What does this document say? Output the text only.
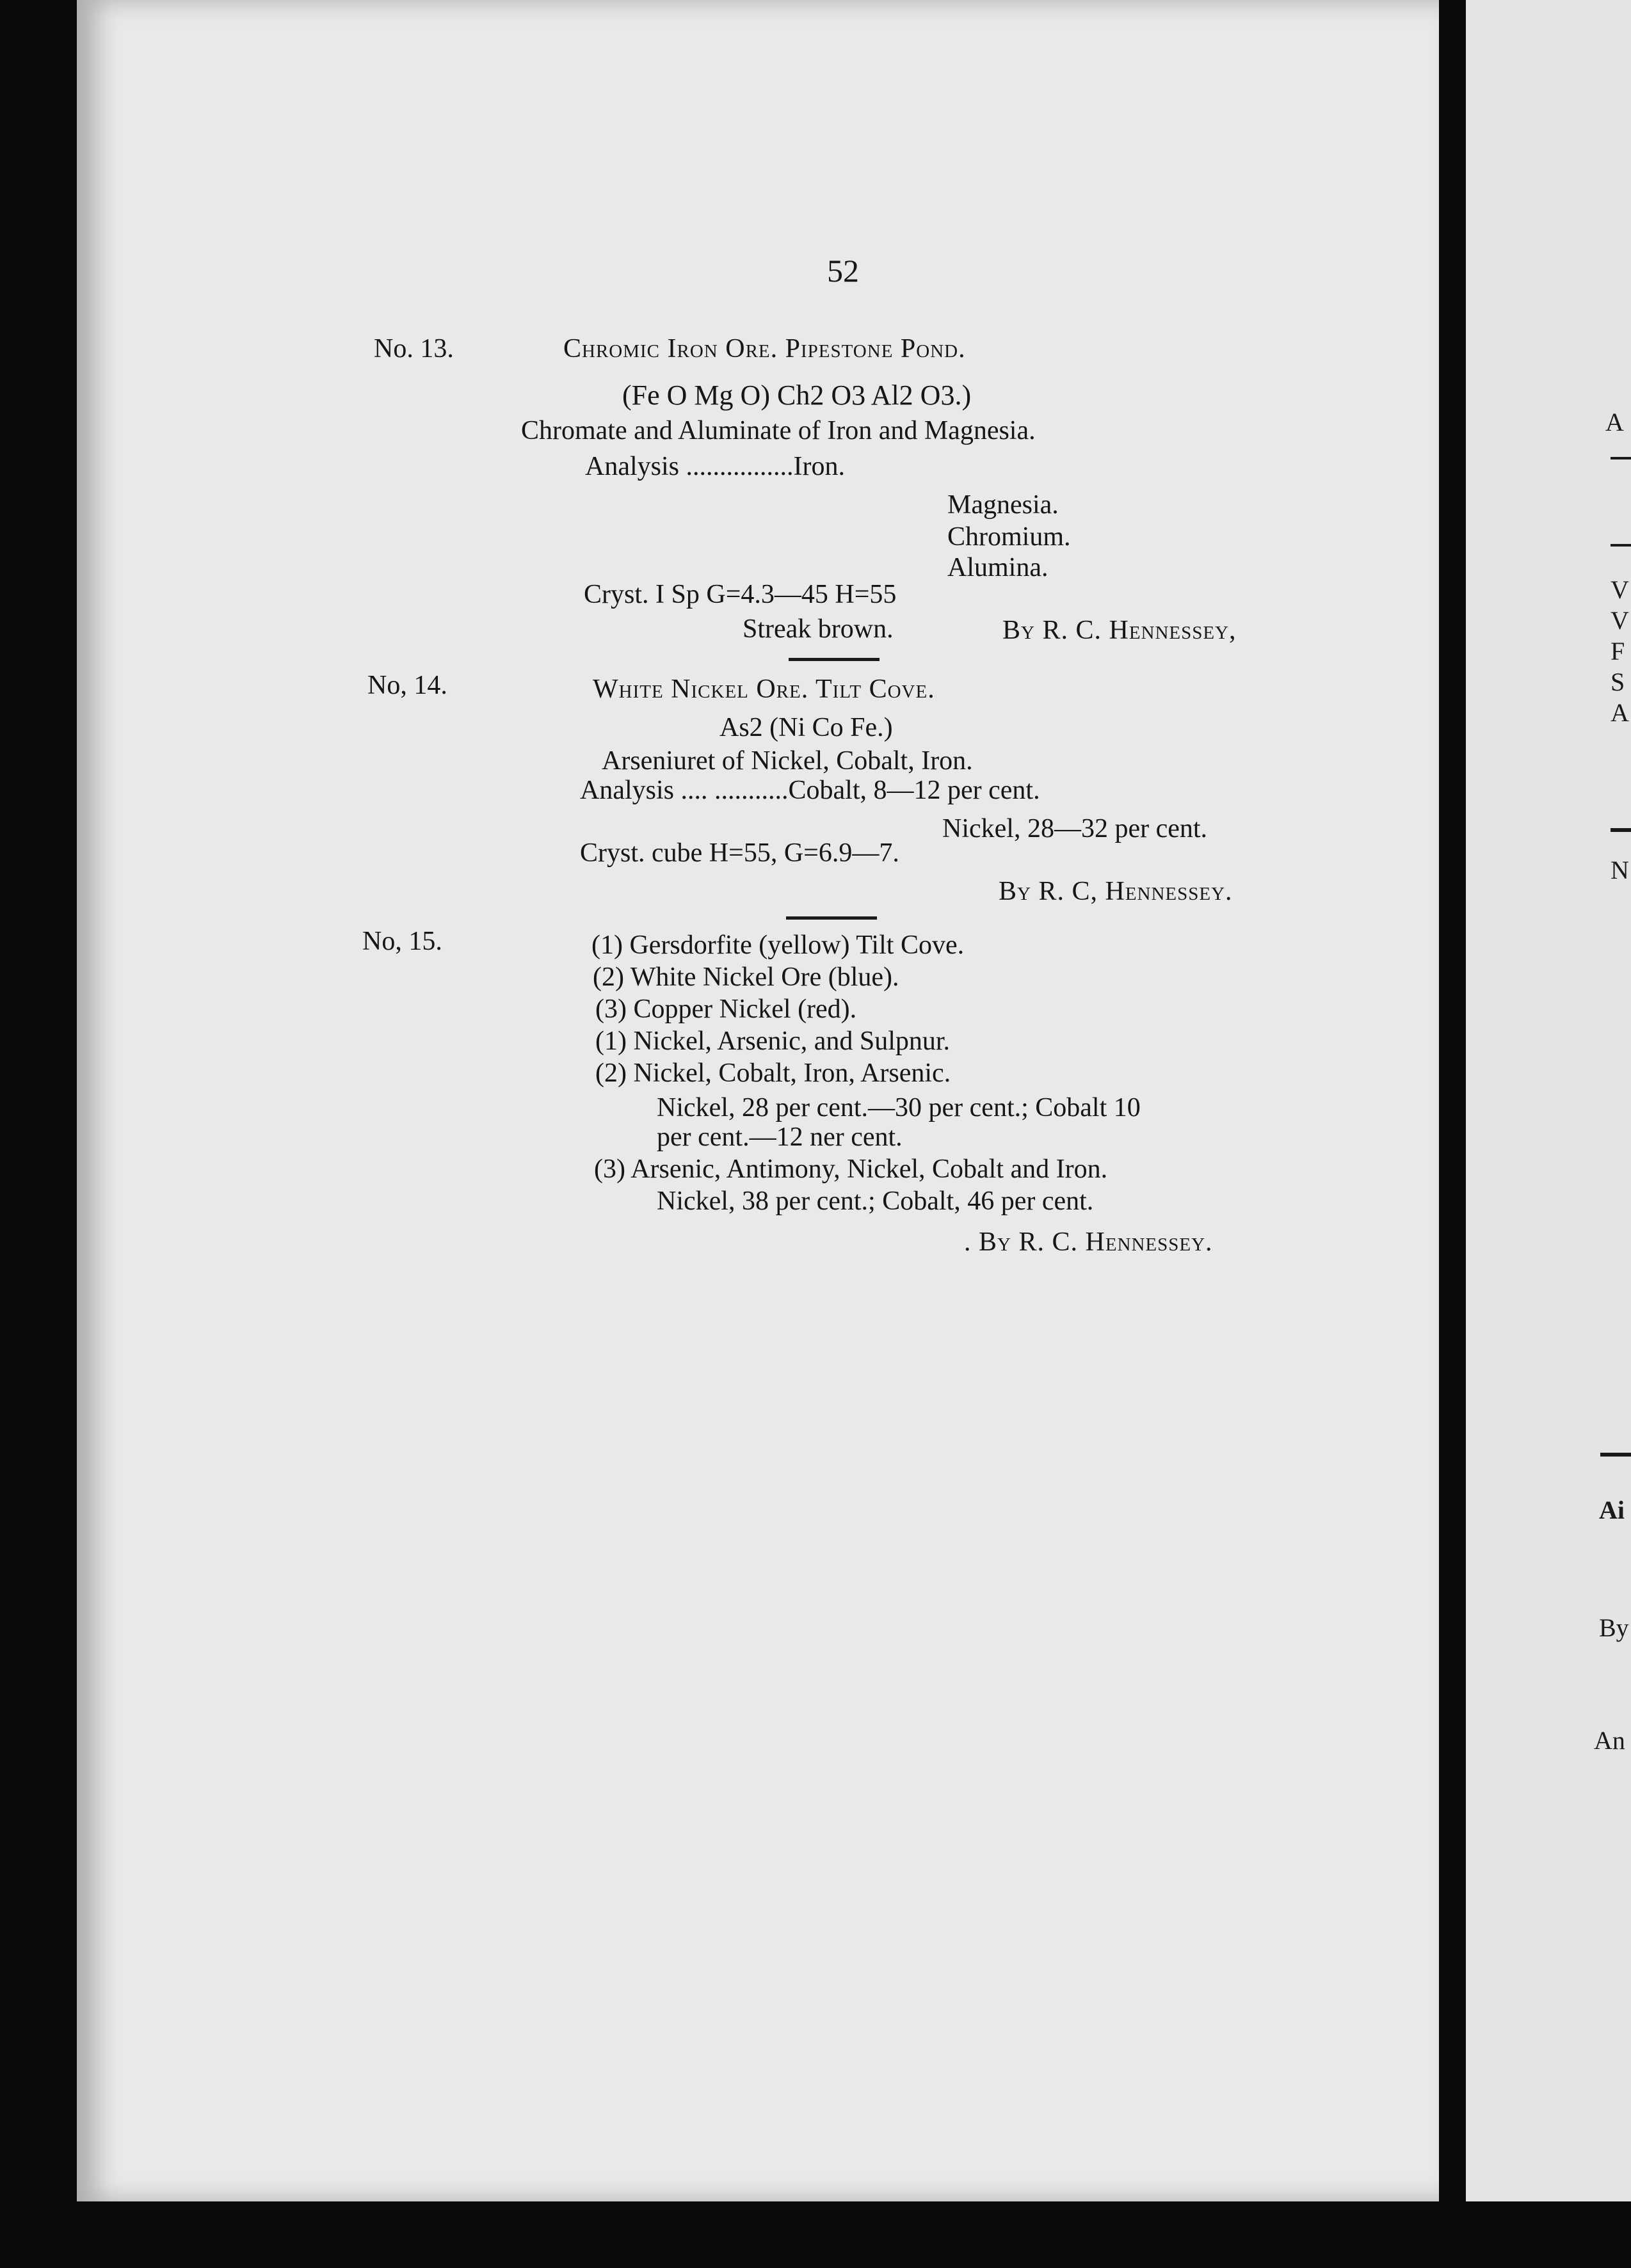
52
No. 13.	Chromic Iron Ore. Pipestone Pond.
(Fe O Mg O) Ch2 O3 Al2 O3.)
Chromate and Aluminate of Iron and Magnesia.
Analysis ................Iron.
Magnesia.
Chromium.
Alumina.
Cryst. I Sp G=4.3—45 H=55
Streak brown.	By R. C. Hennessey,
No, 14.	White Nickel Ore. Tilt Cove.
As2 (Ni Co Fe.)
Arseniuret of Nickel, Cobalt, Iron.
Analysis .... ...........Cobalt, 8—12 per cent.
Nickel, 28—32 per cent.
Cryst. cube H=55, G=6.9—7.
By R. C, Hennessey.
No, 15.	(1) Gersdorfite (yellow) Tilt Cove.
(2) White Nickel Ore (blue).
(3) Copper Nickel (red).
(1) Nickel, Arsenic, and Sulpnur.
(2) Nickel, Cobalt, Iron, Arsenic.
Nickel, 28 per cent.—30 per cent.; Cobalt 10
per cent.—12 ner cent.
(3) Arsenic, Antimony, Nickel, Cobalt and Iron.
Nickel, 38 per cent.; Cobalt, 46 per cent.
. By R. C. Hennessey.
A
V
V
F
S
A
N
Ai
By
An
